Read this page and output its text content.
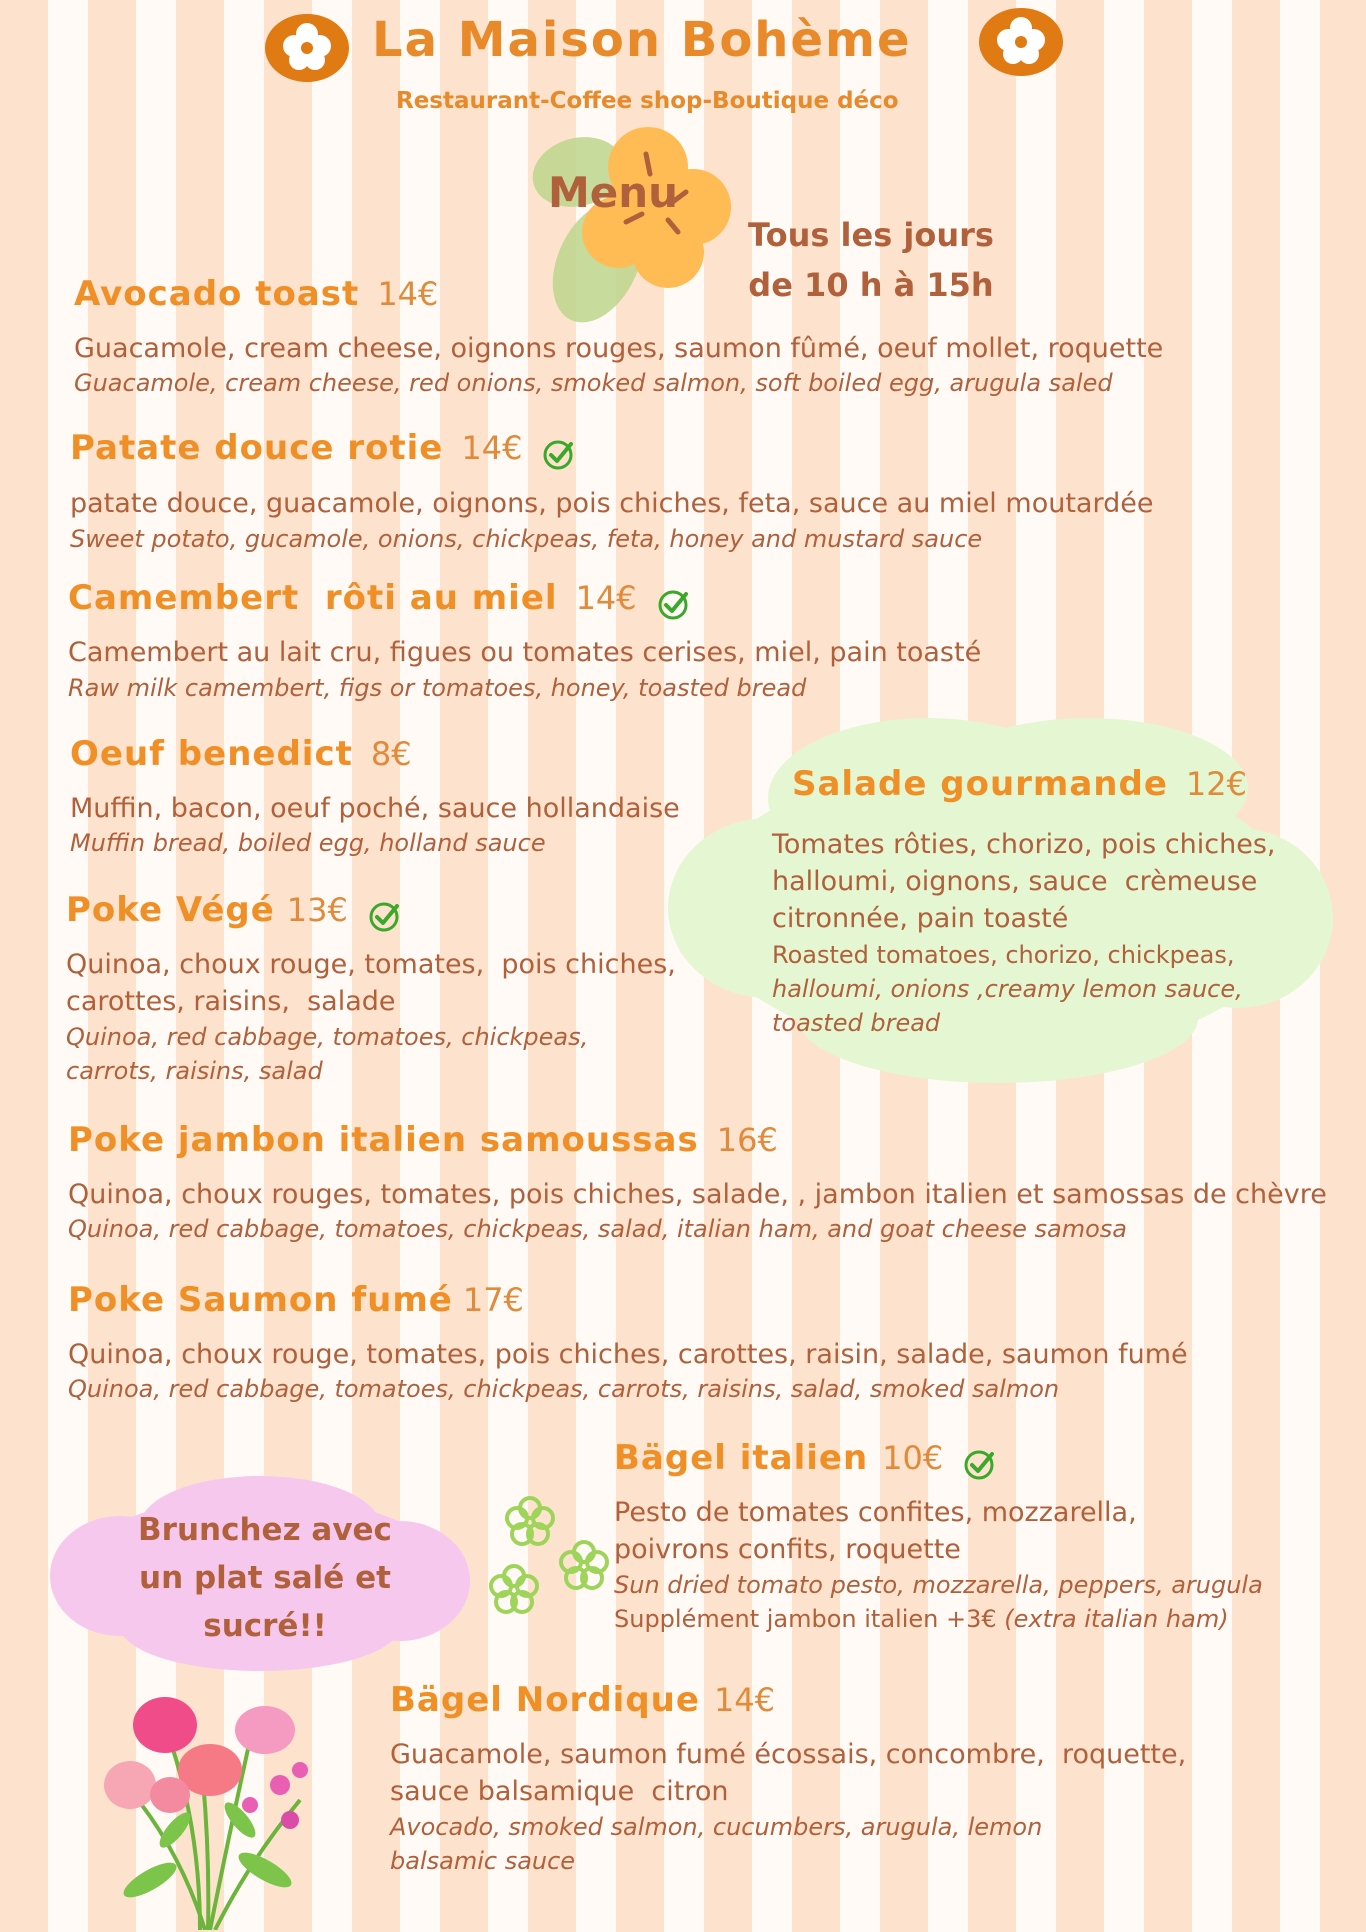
La Maison Bohème
Restaurant-Coffee shop-Boutique déco
Menu
Tous les jours
de 10 h à 15h
Avocado toast 14€
Guacamole, cream cheese, oignons rouges, saumon fûmé, oeuf mollet, roquette
Guacamole, cream cheese, red onions, smoked salmon, soft boiled egg, arugula saled
Patate douce rotie 14€
patate douce, guacamole, oignons, pois chiches, feta, sauce au miel moutardée
Sweet potato, gucamole, onions, chickpeas, feta, honey and mustard sauce
Camembert  rôti au miel 14€
Camembert au lait cru, figues ou tomates cerises, miel, pain toasté
Raw milk camembert, figs or tomatoes, honey, toasted bread
Oeuf benedict 8€
Muffin, bacon, oeuf poché, sauce hollandaise
Muffin bread, boiled egg, holland sauce
Salade gourmande 12€
Tomates rôties, chorizo, pois chiches,
halloumi, oignons, sauce  crèmeuse
citronnée, pain toasté
Roasted tomatoes, chorizo, chickpeas,
halloumi, onions ,creamy lemon sauce,
toasted bread
Poke Végé 13€
Quinoa, choux rouge, tomates,  pois chiches,
carottes, raisins,  salade
Quinoa, red cabbage, tomatoes, chickpeas,
carrots, raisins, salad
Poke jambon italien samoussas 16€
Quinoa, choux rouges, tomates, pois chiches, salade, , jambon italien et samossas de chèvre
Quinoa, red cabbage, tomatoes, chickpeas, salad, italian ham, and goat cheese samosa
Poke Saumon fumé 17€
Quinoa, choux rouge, tomates, pois chiches, carottes, raisin, salade, saumon fumé
Quinoa, red cabbage, tomatoes, chickpeas, carrots, raisins, salad, smoked salmon
Bägel italien 10€
Pesto de tomates confites, mozzarella,
poivrons confits, roquette
Sun dried tomato pesto, mozzarella, peppers, arugula
Supplément jambon italien +3€ (extra italian ham)
Brunchez avec
un plat salé et
sucré!!
Bägel Nordique 14€
Guacamole, saumon fumé écossais, concombre,  roquette,
sauce balsamique  citron
Avocado, smoked salmon, cucumbers, arugula, lemon
balsamic sauce
